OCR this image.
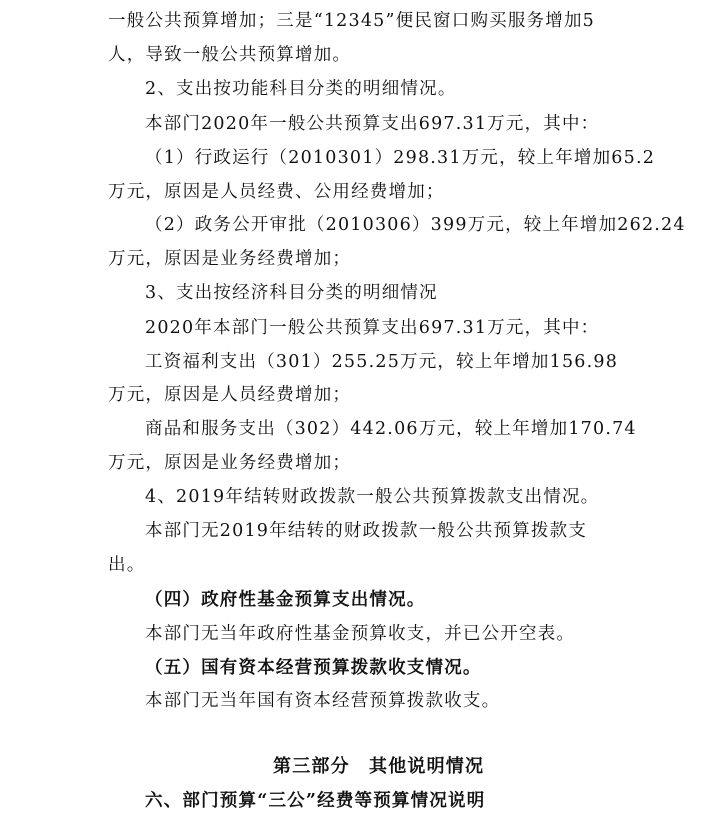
一般公共预算增加；三是“12345”便民窗口购买服务增加5
人，导致一般公共预算增加。
2、支出按功能科目分类的明细情况。
本部门2020年一般公共预算支出697.31万元，其中：
（1）行政运行（2010301）298.31万元，较上年增加65.2
万元，原因是人员经费、公用经费增加；
（2）政务公开审批（2010306）399万元，较上年增加262.24
万元，原因是业务经费增加；
3、支出按经济科目分类的明细情况
2020年本部门一般公共预算支出697.31万元，其中：
工资福利支出（301）255.25万元，较上年增加156.98
万元，原因是人员经费增加；
商品和服务支出（302）442.06万元，较上年增加170.74
万元，原因是业务经费增加；
4、2019年结转财政拨款一般公共预算拨款支出情况。
本部门无2019年结转的财政拨款一般公共预算拨款支
出。
（四）政府性基金预算支出情况。
本部门无当年政府性基金预算收支，并已公开空表。
（五）国有资本经营预算拨款收支情况。
本部门无当年国有资本经营预算拨款收支。
第三部分　其他说明情况
六、部门预算“三公”经费等预算情况说明
